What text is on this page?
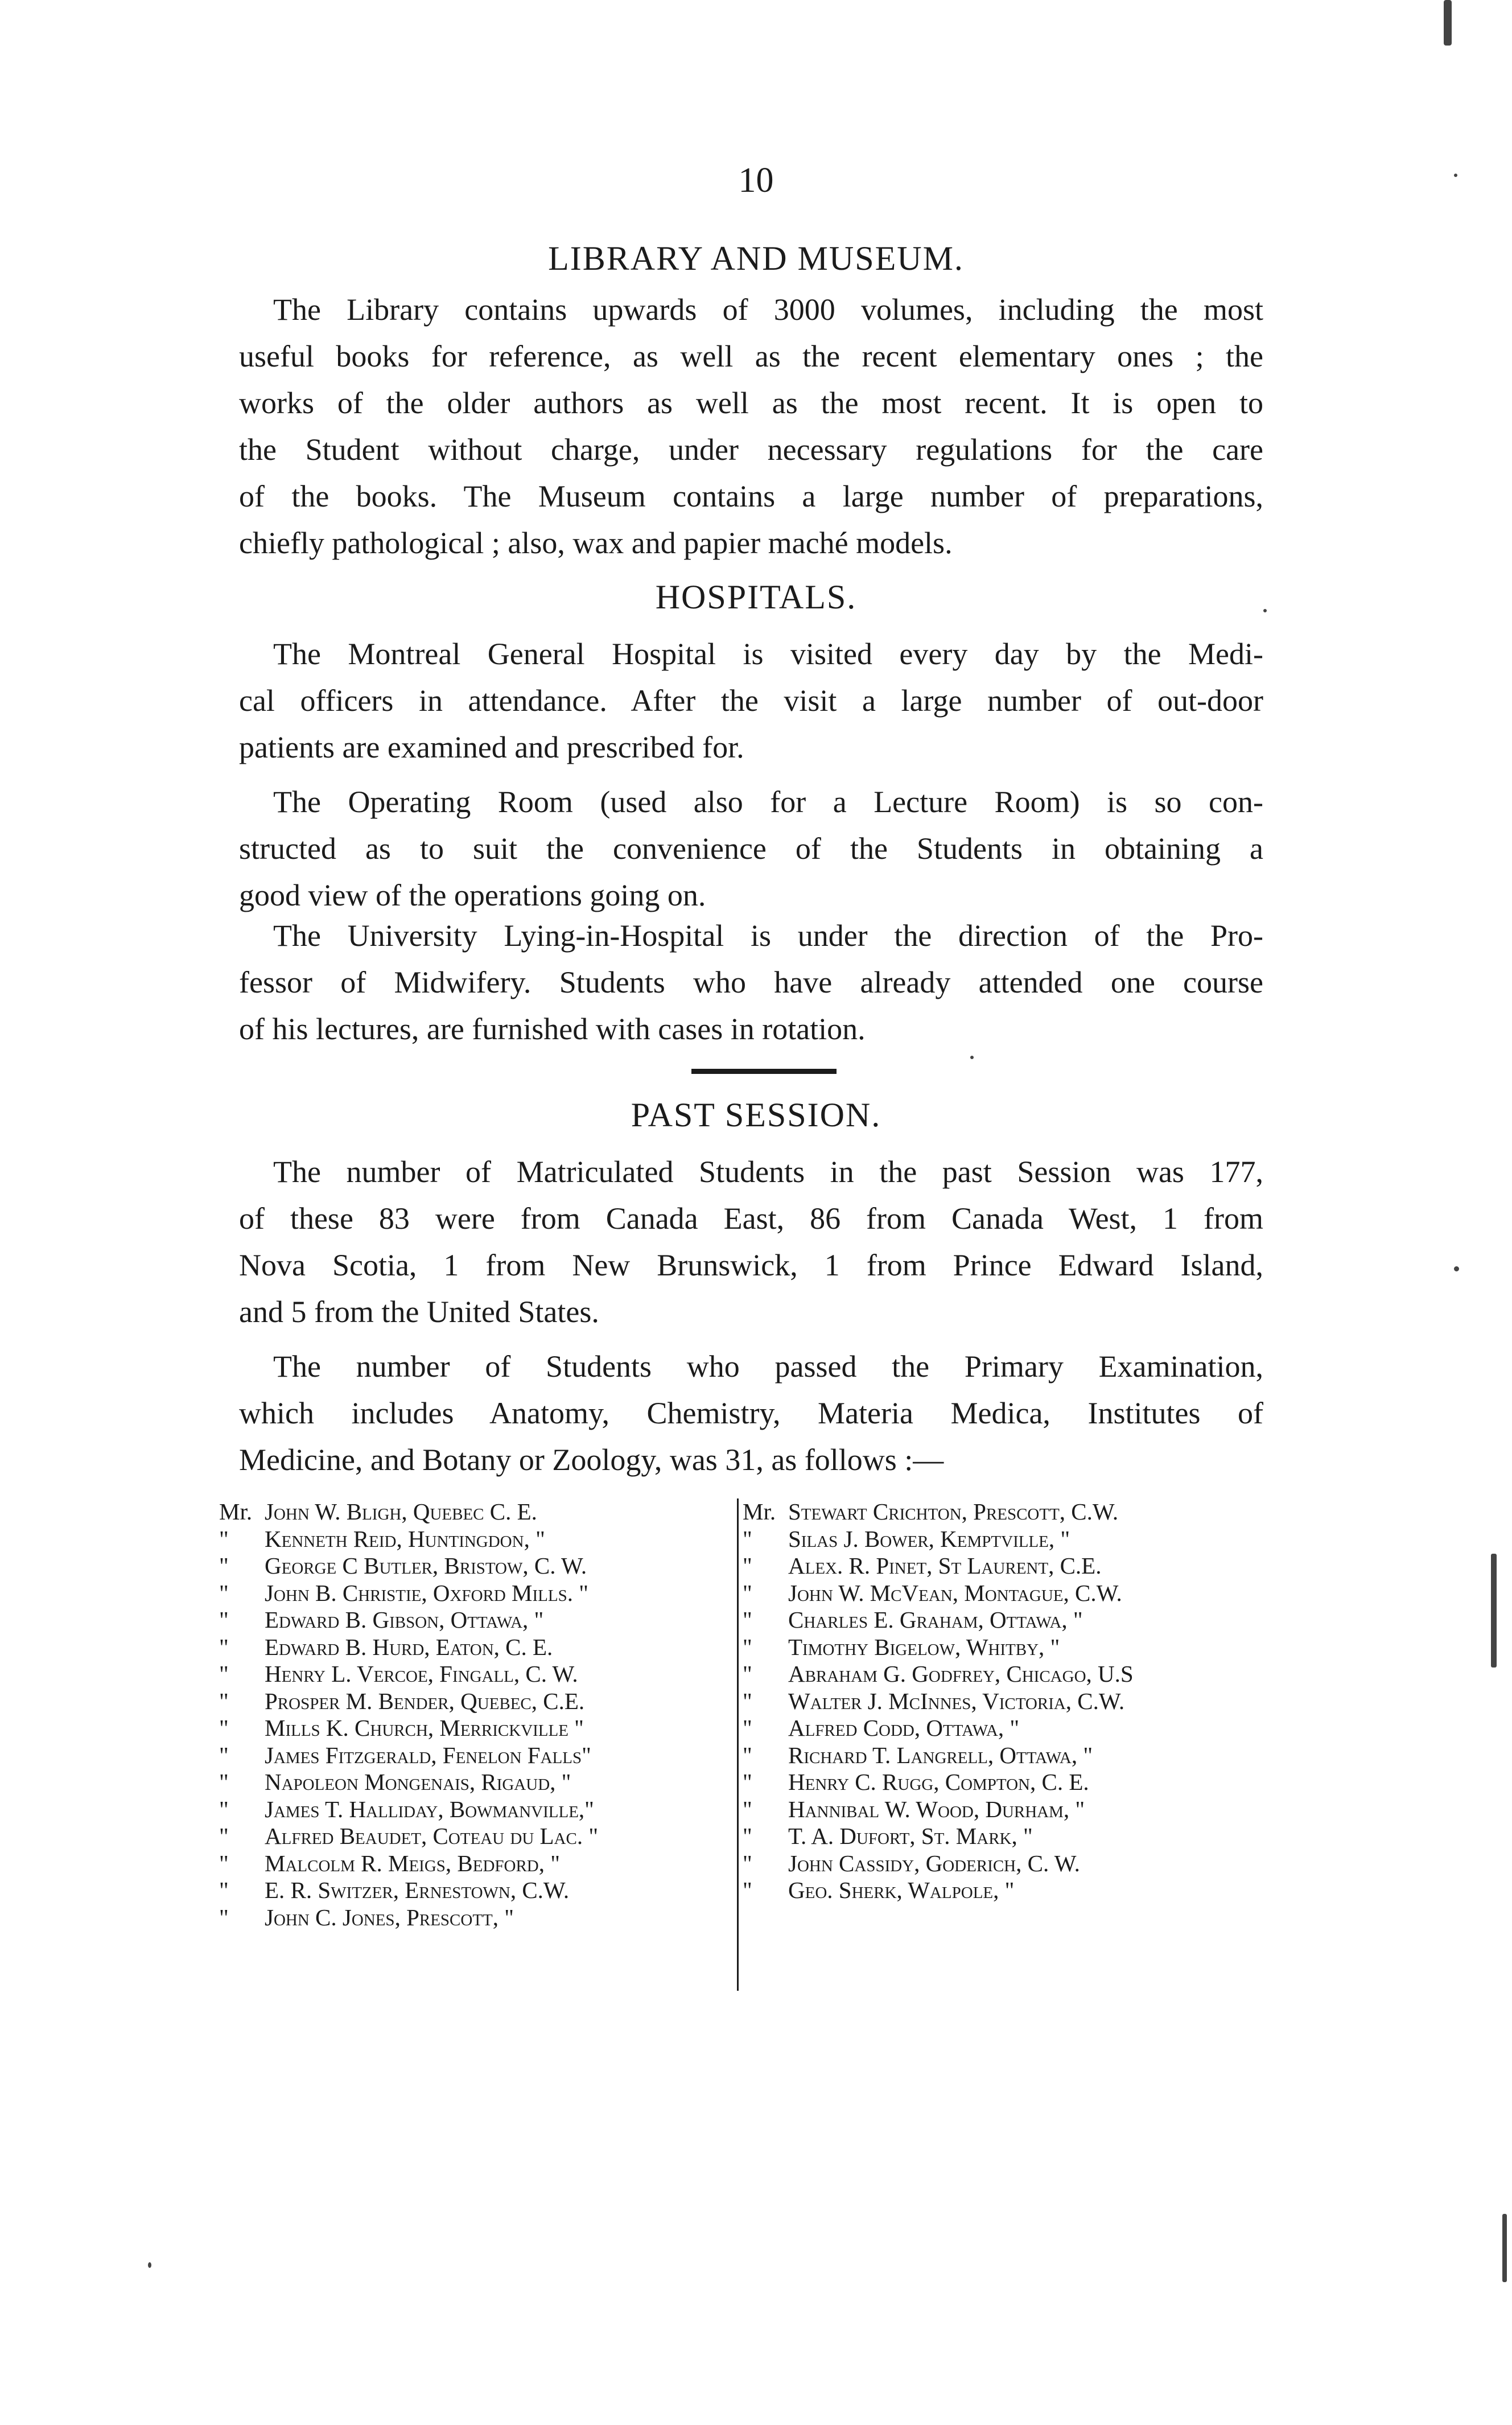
10
LIBRARY AND MUSEUM.
The Library contains upwards of 3000 volumes, including the most
useful books for reference, as well as the recent elementary ones ; the
works of the older authors as well as the most recent. It is open to
the Student without charge, under necessary regulations for the care
of the books. The Museum contains a large number of preparations,
chiefly pathological ; also, wax and papier maché models.
HOSPITALS.
The Montreal General Hospital is visited every day by the Medi-
cal officers in attendance. After the visit a large number of out-door
patients are examined and prescribed for.
The Operating Room (used also for a Lecture Room) is so con-
structed as to suit the convenience of the Students in obtaining a
good view of the operations going on.
The University Lying-in-Hospital is under the direction of the Pro-
fessor of Midwifery. Students who have already attended one course
of his lectures, are furnished with cases in rotation.
PAST SESSION.
The number of Matriculated Students in the past Session was 177,
of these 83 were from Canada East, 86 from Canada West, 1 from
Nova Scotia, 1 from New Brunswick, 1 from Prince Edward Island,
and 5 from the United States.
The number of Students who passed the Primary Examination,
which includes Anatomy, Chemistry, Materia Medica, Institutes of
Medicine, and Botany or Zoology, was 31, as follows :—
Mr. John W. Bligh, Quebec C. E.
"	Kenneth Reid, Huntingdon, "
"	George C Butler, Bristow, C. W.
"	John B. Christie, Oxford Mills. "
"	Edward B. Gibson, Ottawa, "
"	Edward B. Hurd, Eaton, C. E.
"	Henry L. Vercoe, Fingall, C. W.
"	Prosper M. Bender, Quebec, C.E.
"	Mills K. Church, Merrickville "
"	James Fitzgerald, Fenelon Falls"
"	Napoleon Mongenais, Rigaud, "
"	James T. Halliday, Bowmanville,"
"	Alfred Beaudet, Coteau du Lac. "
"	Malcolm R. Meigs, Bedford, "
"	E. R. Switzer, Ernestown, C.W.
"	John C. Jones, Prescott, "
Mr. Stewart Crichton, Prescott, C.W.
"	Silas J. Bower, Kemptville, "
"	Alex. R. Pinet, St Laurent, C.E.
"	John W. McVean, Montague, C.W.
"	Charles E. Graham, Ottawa, "
"	Timothy Bigelow, Whitby, "
"	Abraham G. Godfrey, Chicago, U.S
"	Walter J. McInnes, Victoria, C.W.
"	Alfred Codd, Ottawa, "
"	Richard T. Langrell, Ottawa, "
"	Henry C. Rugg, Compton, C. E.
"	Hannibal W. Wood, Durham, "
"	T. A. Dufort, St. Mark, "
"	John Cassidy, Goderich, C. W.
"	Geo. Sherk, Walpole, "
